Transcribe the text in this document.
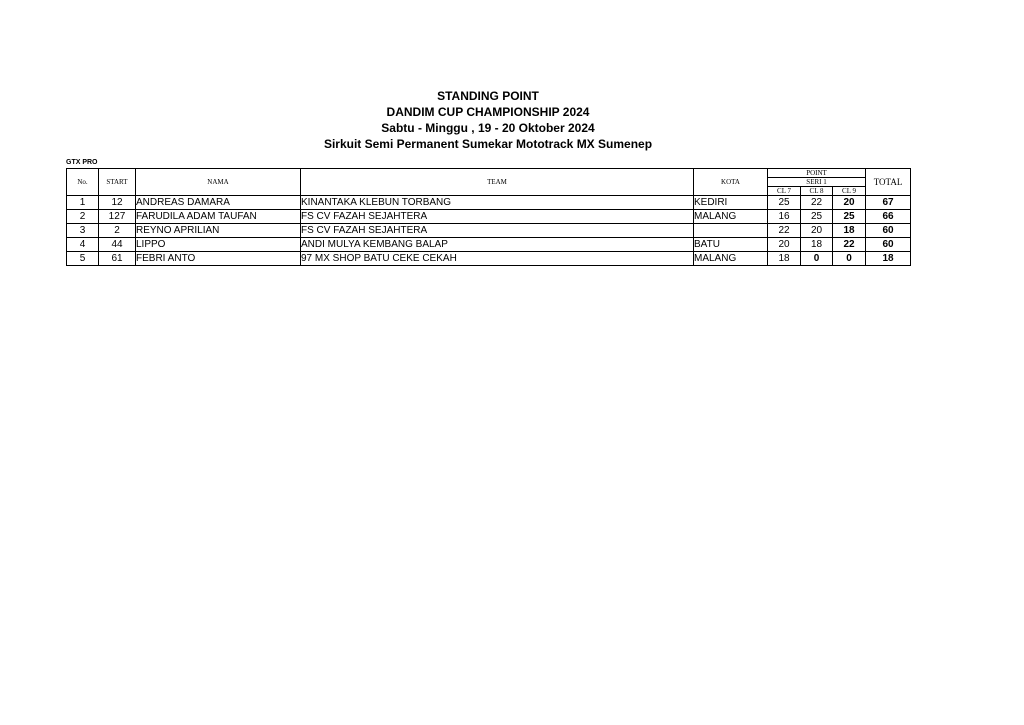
STANDING POINT
DANDIM CUP CHAMPIONSHIP 2024
Sabtu - Minggu , 19 - 20 Oktober 2024
Sirkuit Semi Permanent Sumekar Mototrack MX Sumenep
GTX PRO
No.	START	NAMA	TEAM	KOTA	POINT			TOTAL
					SERI 1			
					CL 7	CL 8	CL 9	
1	12	ANDREAS DAMARA	KINANTAKA KLEBUN TORBANG	KEDIRI	25	22	20	67
2	127	FARUDILA ADAM TAUFAN	FS CV FAZAH SEJAHTERA	MALANG	16	25	25	66
3	2	REYNO APRILIAN	FS CV FAZAH SEJAHTERA		22	20	18	60
4	44	LIPPO	ANDI MULYA KEMBANG BALAP	BATU	20	18	22	60
5	61	FEBRI ANTO	97 MX SHOP BATU CEKE CEKAH	MALANG	18	0	0	18
